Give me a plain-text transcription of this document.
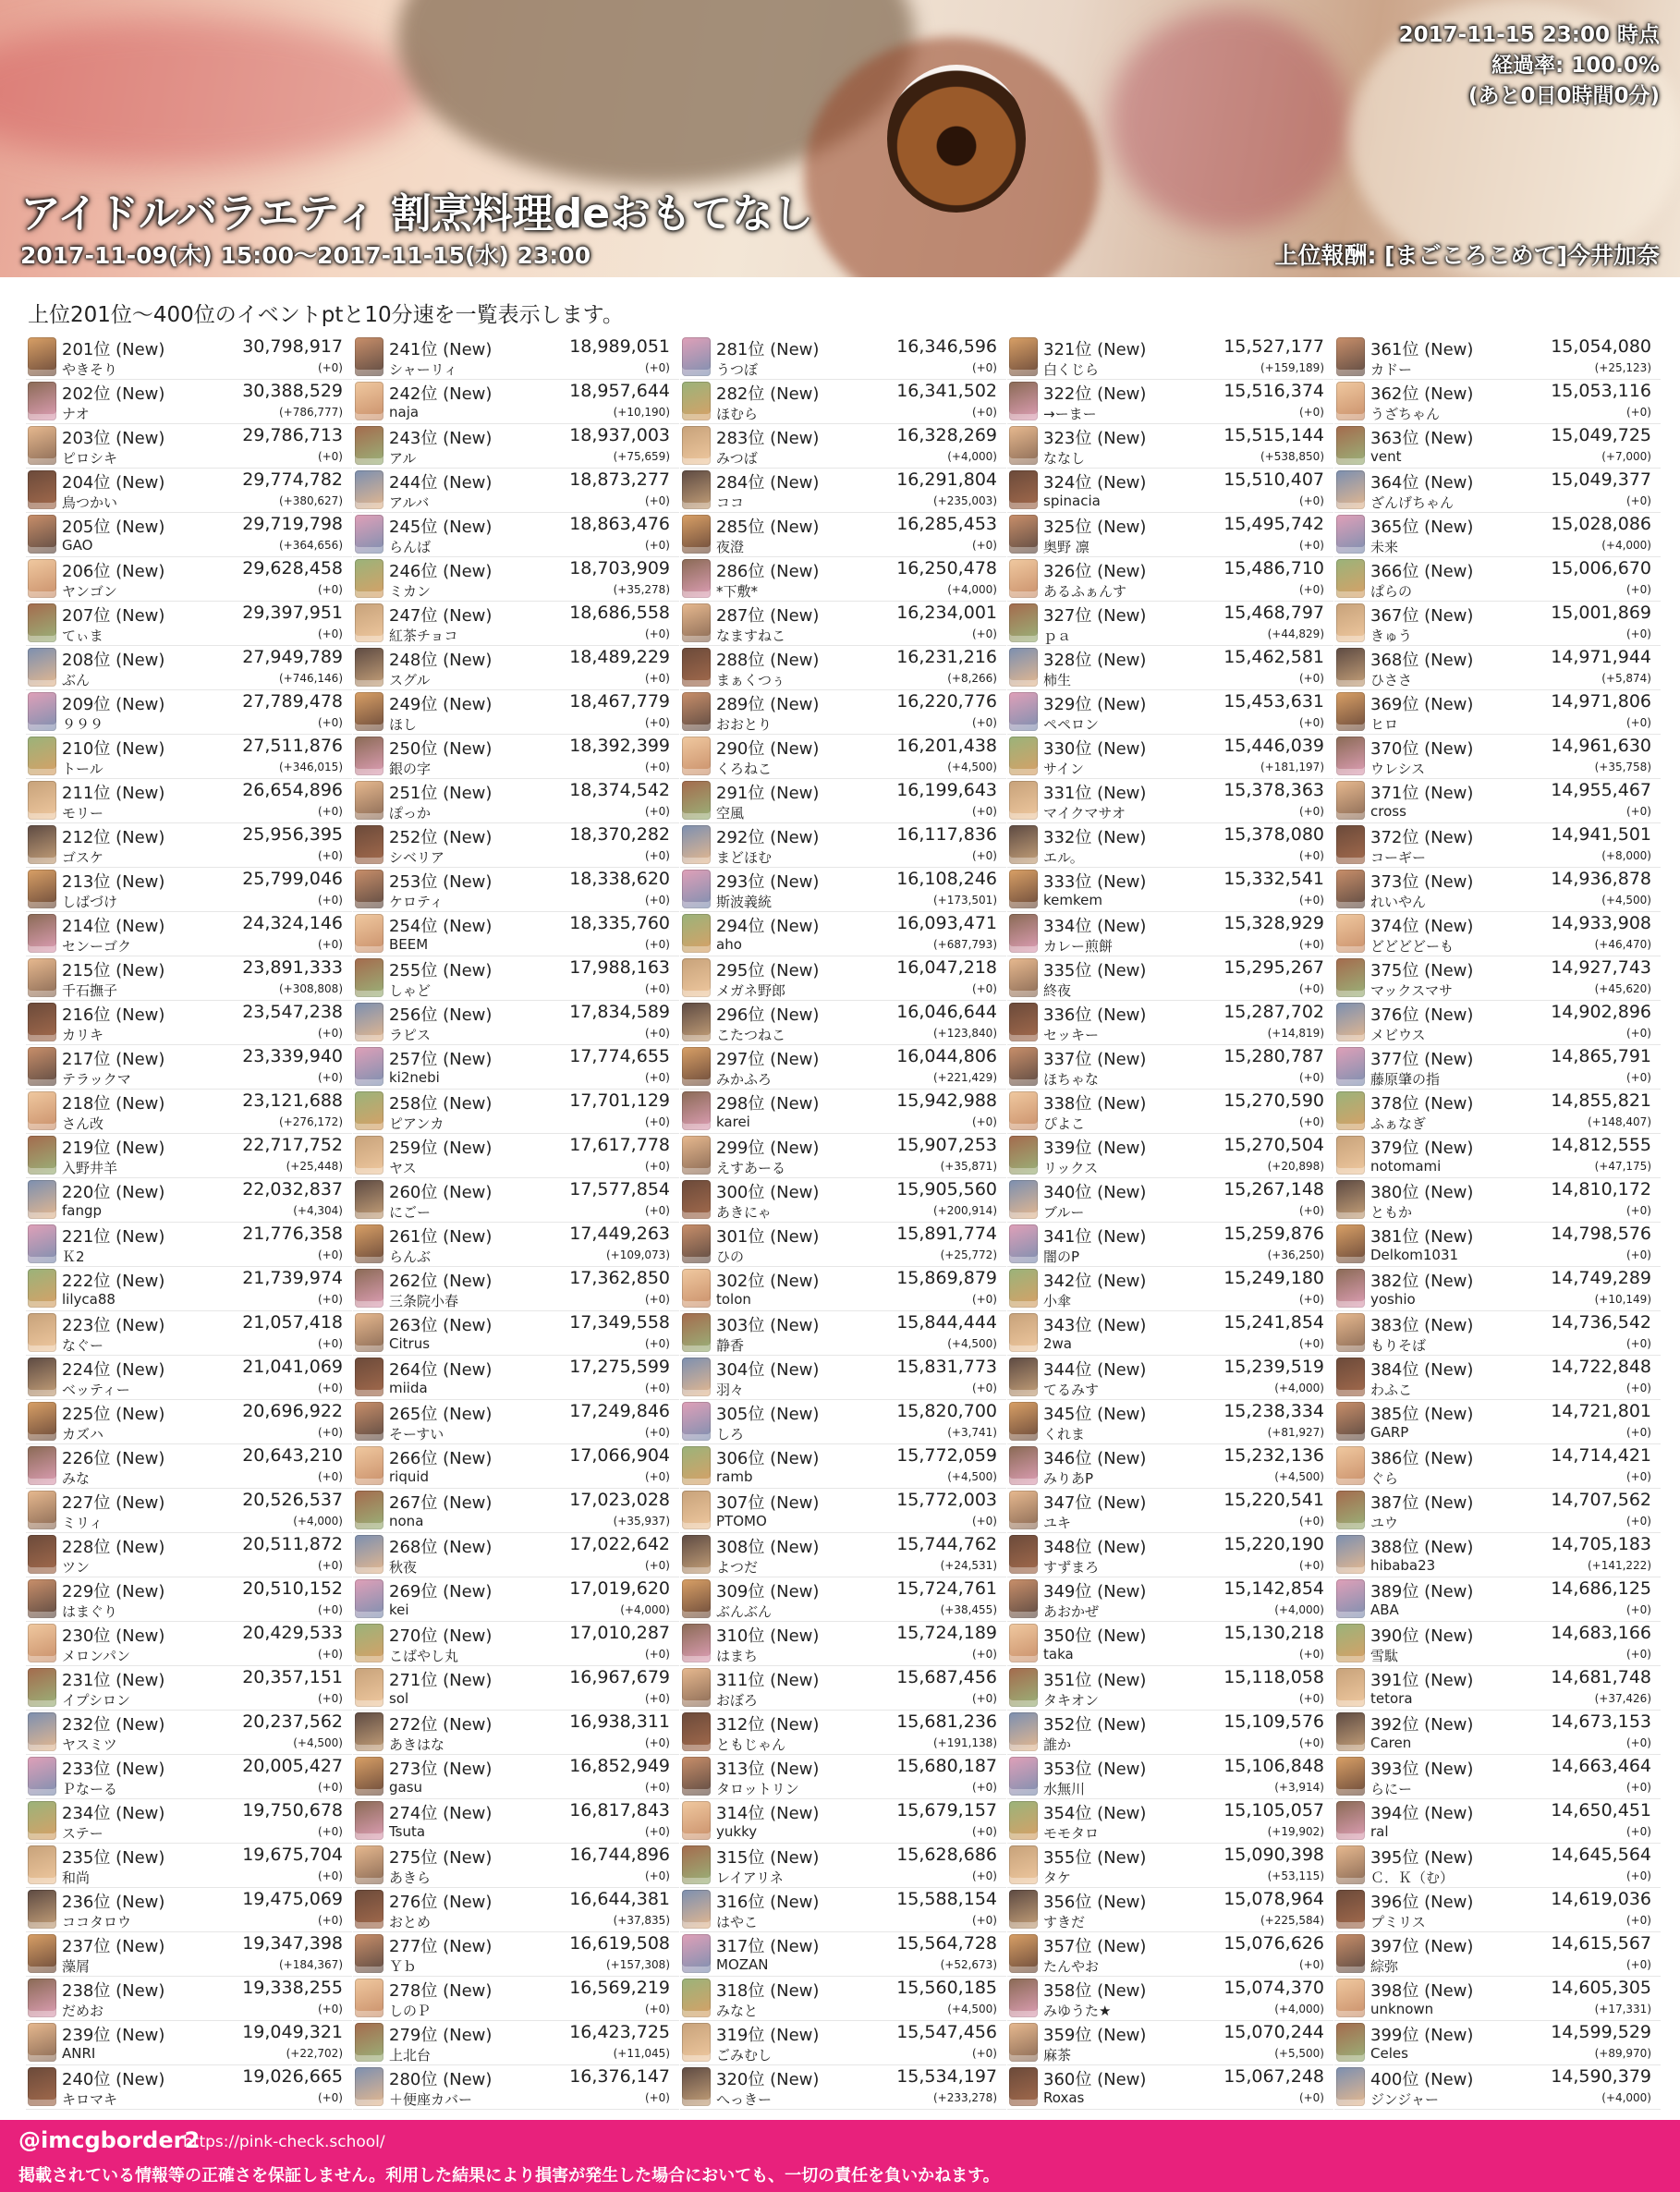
2017-11-15 23:00 時点
経過率: 100.0%
(あと0日0時間0分)
アイドルバラエティ 割烹料理deおもてなし
2017-11-09(木) 15:00～2017-11-15(水) 23:00	上位報酬: [まごころこめて]今井加奈
上位201位～400位のイベントptと10分速を一覧表示します。
201位 (New)	30,798,917
やきそり	(+0)
202位 (New)	30,388,529
ナオ	(+786,777)
203位 (New)	29,786,713
ピロシキ	(+0)
204位 (New)	29,774,782
鳥つかい	(+380,627)
205位 (New)	29,719,798
GAO	(+364,656)
206位 (New)	29,628,458
ヤンゴン	(+0)
207位 (New)	29,397,951
てぃま	(+0)
208位 (New)	27,949,789
ぶん	(+746,146)
209位 (New)	27,789,478
９９９	(+0)
210位 (New)	27,511,876
トール	(+346,015)
211位 (New)	26,654,896
モリー	(+0)
212位 (New)	25,956,395
ゴスケ	(+0)
213位 (New)	25,799,046
しばづけ	(+0)
214位 (New)	24,324,146
センーゴク	(+0)
215位 (New)	23,891,333
千石撫子	(+308,808)
216位 (New)	23,547,238
カリキ	(+0)
217位 (New)	23,339,940
テラックマ	(+0)
218位 (New)	23,121,688
さん改	(+276,172)
219位 (New)	22,717,752
入野井羊	(+25,448)
220位 (New)	22,032,837
fangp	(+4,304)
221位 (New)	21,776,358
Ｋ2	(+0)
222位 (New)	21,739,974
lilyca88	(+0)
223位 (New)	21,057,418
なぐー	(+0)
224位 (New)	21,041,069
ベッティー	(+0)
225位 (New)	20,696,922
カズハ	(+0)
226位 (New)	20,643,210
みな	(+0)
227位 (New)	20,526,537
ミリィ	(+4,000)
228位 (New)	20,511,872
ツン	(+0)
229位 (New)	20,510,152
はまぐり	(+0)
230位 (New)	20,429,533
メロンパン	(+0)
231位 (New)	20,357,151
イプシロン	(+0)
232位 (New)	20,237,562
ヤスミツ	(+4,500)
233位 (New)	20,005,427
Ｐなーる	(+0)
234位 (New)	19,750,678
ステー	(+0)
235位 (New)	19,675,704
和尚	(+0)
236位 (New)	19,475,069
ココタロウ	(+0)
237位 (New)	19,347,398
藻屑	(+184,367)
238位 (New)	19,338,255
だめお	(+0)
239位 (New)	19,049,321
ANRI	(+22,702)
240位 (New)	19,026,665
キロマキ	(+0)
241位 (New)	18,989,051
シャーリィ	(+0)
242位 (New)	18,957,644
naja	(+10,190)
243位 (New)	18,937,003
アル	(+75,659)
244位 (New)	18,873,277
アルバ	(+0)
245位 (New)	18,863,476
らんば	(+0)
246位 (New)	18,703,909
ミカン	(+35,278)
247位 (New)	18,686,558
紅茶チョコ	(+0)
248位 (New)	18,489,229
スグル	(+0)
249位 (New)	18,467,779
ほし	(+0)
250位 (New)	18,392,399
銀の字	(+0)
251位 (New)	18,374,542
ぽっか	(+0)
252位 (New)	18,370,282
シベリア	(+0)
253位 (New)	18,338,620
ケロティ	(+0)
254位 (New)	18,335,760
BEEM	(+0)
255位 (New)	17,988,163
しゃど	(+0)
256位 (New)	17,834,589
ラピス	(+0)
257位 (New)	17,774,655
ki2nebi	(+0)
258位 (New)	17,701,129
ピアンカ	(+0)
259位 (New)	17,617,778
ヤス	(+0)
260位 (New)	17,577,854
にごー	(+0)
261位 (New)	17,449,263
らんぶ	(+109,073)
262位 (New)	17,362,850
三条院小春	(+0)
263位 (New)	17,349,558
Citrus	(+0)
264位 (New)	17,275,599
miida	(+0)
265位 (New)	17,249,846
そーすい	(+0)
266位 (New)	17,066,904
riquid	(+0)
267位 (New)	17,023,028
nona	(+35,937)
268位 (New)	17,022,642
秋夜	(+0)
269位 (New)	17,019,620
kei	(+4,000)
270位 (New)	17,010,287
こばやし丸	(+0)
271位 (New)	16,967,679
sol	(+0)
272位 (New)	16,938,311
あきはな	(+0)
273位 (New)	16,852,949
gasu	(+0)
274位 (New)	16,817,843
Tsuta	(+0)
275位 (New)	16,744,896
あきら	(+0)
276位 (New)	16,644,381
おとめ	(+37,835)
277位 (New)	16,619,508
Ｙｂ	(+157,308)
278位 (New)	16,569,219
しのＰ	(+0)
279位 (New)	16,423,725
上北台	(+11,045)
280位 (New)	16,376,147
＋便座カバー	(+0)
281位 (New)	16,346,596
うつぼ	(+0)
282位 (New)	16,341,502
ほむら	(+0)
283位 (New)	16,328,269
みつば	(+4,000)
284位 (New)	16,291,804
ココ	(+235,003)
285位 (New)	16,285,453
夜澄	(+0)
286位 (New)	16,250,478
*下敷*	(+4,000)
287位 (New)	16,234,001
なますねこ	(+0)
288位 (New)	16,231,216
まぁくつぅ	(+8,266)
289位 (New)	16,220,776
おおとり	(+0)
290位 (New)	16,201,438
くろねこ	(+4,500)
291位 (New)	16,199,643
空風	(+0)
292位 (New)	16,117,836
まどほむ	(+0)
293位 (New)	16,108,246
斯波義統	(+173,501)
294位 (New)	16,093,471
aho	(+687,793)
295位 (New)	16,047,218
メガネ野郎	(+0)
296位 (New)	16,046,644
こたつねこ	(+123,840)
297位 (New)	16,044,806
みかふろ	(+221,429)
298位 (New)	15,942,988
karei	(+0)
299位 (New)	15,907,253
えすあーる	(+35,871)
300位 (New)	15,905,560
あきにゃ	(+200,914)
301位 (New)	15,891,774
ひの	(+25,772)
302位 (New)	15,869,879
tolon	(+0)
303位 (New)	15,844,444
静香	(+4,500)
304位 (New)	15,831,773
羽々	(+0)
305位 (New)	15,820,700
しろ	(+3,741)
306位 (New)	15,772,059
ramb	(+4,500)
307位 (New)	15,772,003
PTOMO	(+0)
308位 (New)	15,744,762
よつだ	(+24,531)
309位 (New)	15,724,761
ぶんぶん	(+38,455)
310位 (New)	15,724,189
はまち	(+0)
311位 (New)	15,687,456
おぼろ	(+0)
312位 (New)	15,681,236
ともじゃん	(+191,138)
313位 (New)	15,680,187
タロットリン	(+0)
314位 (New)	15,679,157
yukky	(+0)
315位 (New)	15,628,686
レイアリネ	(+0)
316位 (New)	15,588,154
はやこ	(+0)
317位 (New)	15,564,728
MOZAN	(+52,673)
318位 (New)	15,560,185
みなと	(+4,500)
319位 (New)	15,547,456
ごみむし	(+0)
320位 (New)	15,534,197
へっきー	(+233,278)
321位 (New)	15,527,177
白くじら	(+159,189)
322位 (New)	15,516,374
→ーまー	(+0)
323位 (New)	15,515,144
ななし	(+538,850)
324位 (New)	15,510,407
spinacia	(+0)
325位 (New)	15,495,742
奥野 凛	(+0)
326位 (New)	15,486,710
あるふぁんす	(+0)
327位 (New)	15,468,797
ｐａ	(+44,829)
328位 (New)	15,462,581
柿生	(+0)
329位 (New)	15,453,631
ペペロン	(+0)
330位 (New)	15,446,039
サイン	(+181,197)
331位 (New)	15,378,363
マイクマサオ	(+0)
332位 (New)	15,378,080
エル。	(+0)
333位 (New)	15,332,541
kemkem	(+0)
334位 (New)	15,328,929
カレー煎餅	(+0)
335位 (New)	15,295,267
終夜	(+0)
336位 (New)	15,287,702
セッキー	(+14,819)
337位 (New)	15,280,787
ほちゃな	(+0)
338位 (New)	15,270,590
ぴよこ	(+0)
339位 (New)	15,270,504
リックス	(+20,898)
340位 (New)	15,267,148
ブルー	(+0)
341位 (New)	15,259,876
闇のP	(+36,250)
342位 (New)	15,249,180
小傘	(+0)
343位 (New)	15,241,854
2wa	(+0)
344位 (New)	15,239,519
てるみす	(+4,000)
345位 (New)	15,238,334
くれま	(+81,927)
346位 (New)	15,232,136
みりあP	(+4,500)
347位 (New)	15,220,541
ユキ	(+0)
348位 (New)	15,220,190
すずまろ	(+0)
349位 (New)	15,142,854
あおかぜ	(+4,000)
350位 (New)	15,130,218
taka	(+0)
351位 (New)	15,118,058
タキオン	(+0)
352位 (New)	15,109,576
誰か	(+0)
353位 (New)	15,106,848
水無川	(+3,914)
354位 (New)	15,105,057
モモタロ	(+19,902)
355位 (New)	15,090,398
タケ	(+53,115)
356位 (New)	15,078,964
すきだ	(+225,584)
357位 (New)	15,076,626
たんやお	(+0)
358位 (New)	15,074,370
みゆうた★	(+4,000)
359位 (New)	15,070,244
麻茶	(+5,500)
360位 (New)	15,067,248
Roxas	(+0)
361位 (New)	15,054,080
カドー	(+25,123)
362位 (New)	15,053,116
うざちゃん	(+0)
363位 (New)	15,049,725
vent	(+7,000)
364位 (New)	15,049,377
ざんげちゃん	(+0)
365位 (New)	15,028,086
未来	(+4,000)
366位 (New)	15,006,670
ぱらの	(+0)
367位 (New)	15,001,869
きゅう	(+0)
368位 (New)	14,971,944
ひささ	(+5,874)
369位 (New)	14,971,806
ヒロ	(+0)
370位 (New)	14,961,630
ウレシス	(+35,758)
371位 (New)	14,955,467
cross	(+0)
372位 (New)	14,941,501
コーギー	(+8,000)
373位 (New)	14,936,878
れいやん	(+4,500)
374位 (New)	14,933,908
どどどどーも	(+46,470)
375位 (New)	14,927,743
マックスマサ	(+45,620)
376位 (New)	14,902,896
メビウス	(+0)
377位 (New)	14,865,791
藤原肇の指	(+0)
378位 (New)	14,855,821
ふぁなぎ	(+148,407)
379位 (New)	14,812,555
notomami	(+47,175)
380位 (New)	14,810,172
ともか	(+0)
381位 (New)	14,798,576
Delkom1031	(+0)
382位 (New)	14,749,289
yoshio	(+10,149)
383位 (New)	14,736,542
もりそば	(+0)
384位 (New)	14,722,848
わふこ	(+0)
385位 (New)	14,721,801
GARP	(+0)
386位 (New)	14,714,421
ぐら	(+0)
387位 (New)	14,707,562
ユウ	(+0)
388位 (New)	14,705,183
hibaba23	(+141,222)
389位 (New)	14,686,125
ABA	(+0)
390位 (New)	14,683,166
雪駄	(+0)
391位 (New)	14,681,748
tetora	(+37,426)
392位 (New)	14,673,153
Caren	(+0)
393位 (New)	14,663,464
らにー	(+0)
394位 (New)	14,650,451
ral	(+0)
395位 (New)	14,645,564
Ｃ．Ｋ（む）	(+0)
396位 (New)	14,619,036
プミリス	(+0)
397位 (New)	14,615,567
綜弥	(+0)
398位 (New)	14,605,305
unknown	(+17,331)
399位 (New)	14,599,529
Celes	(+89,970)
400位 (New)	14,590,379
ジンジャー	(+4,000)
@imcgborder2
https://pink-check.school/
掲載されている情報等の正確さを保証しません。利用した結果により損害が発生した場合においても、一切の責任を負いかねます。
